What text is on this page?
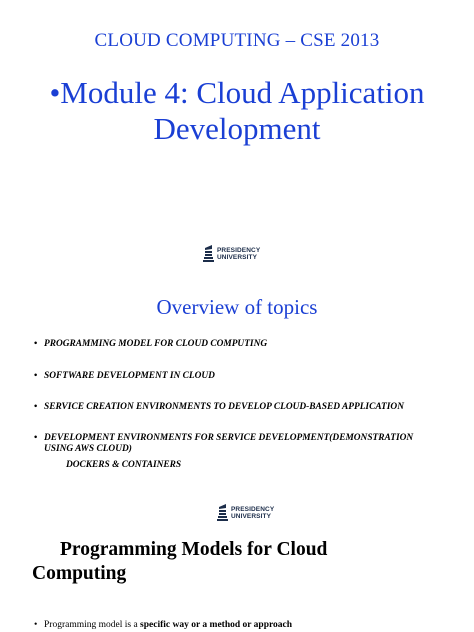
CLOUD COMPUTING – CSE 2013
•Module 4: Cloud Application Development
PRESIDENCY
UNIVERSITY
Overview of topics
• PROGRAMMING MODEL FOR CLOUD COMPUTING
• SOFTWARE DEVELOPMENT IN CLOUD
• SERVICE CREATION ENVIRONMENTS TO DEVELOP CLOUD-BASED APPLICATION
• DEVELOPMENT ENVIRONMENTS FOR SERVICE DEVELOPMENT(DEMONSTRATION USING AWS CLOUD)
DOCKERS & CONTAINERS
PRESIDENCY
UNIVERSITY
Programming Models for Cloud
Computing
• Programming model is a specific way or a method or approach
